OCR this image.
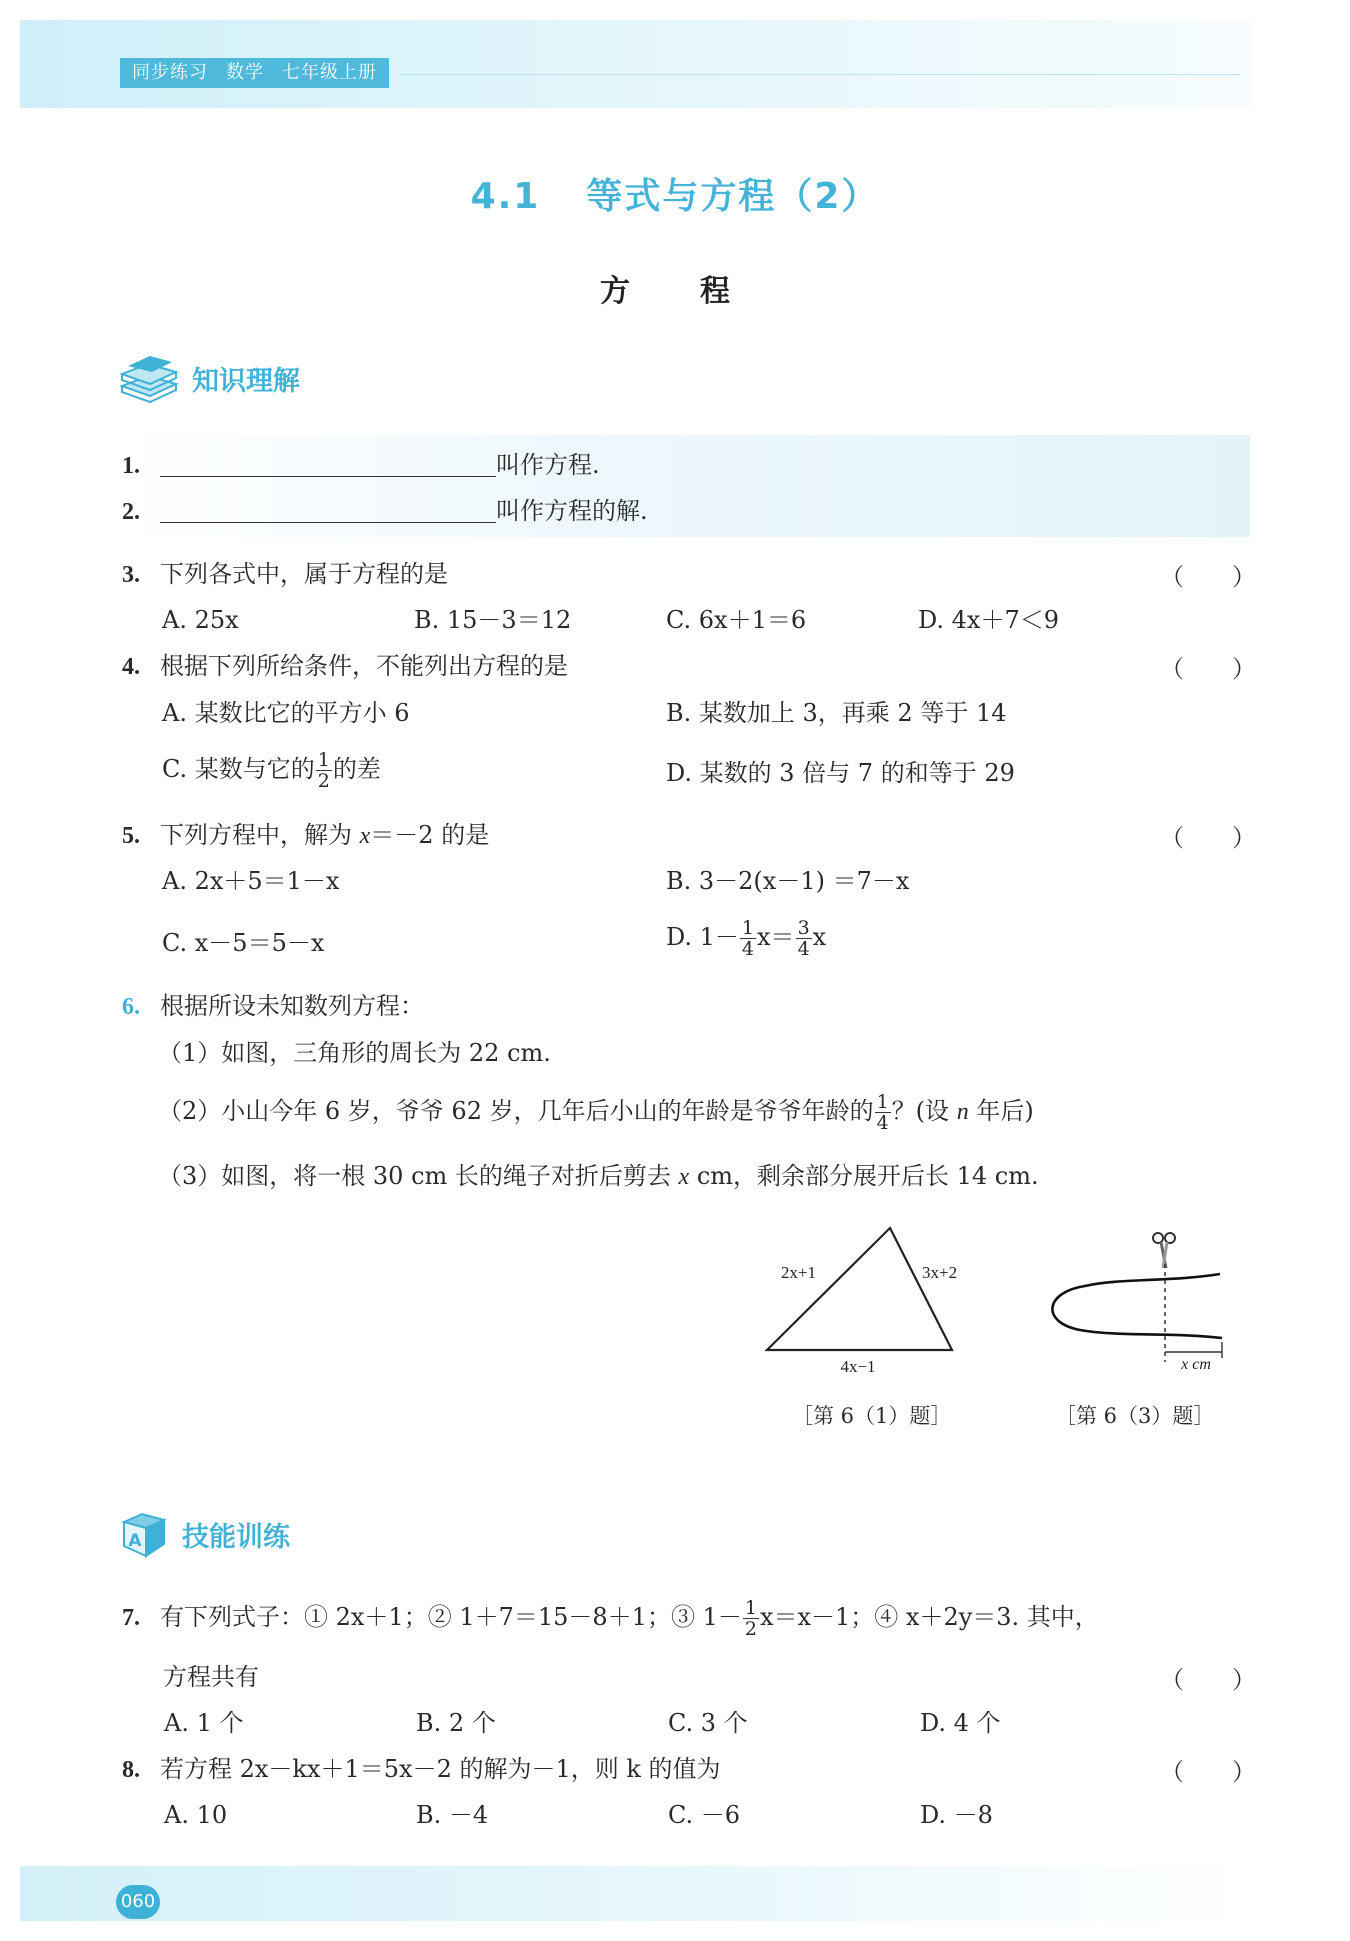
同步练习 数学 七年级上册
4.1 等式与方程（2）
方　程
知识理解
1.	叫作方程.
2.	叫作方程的解.
3. 下列各式中，属于方程的是	（　　）
A. 25x	B. 15－3＝12	C. 6x＋1＝6	D. 4x＋7＜9
4. 根据下列所给条件，不能列出方程的是	（　　）
A. 某数比它的平方小 6	B. 某数加上 3，再乘 2 等于 14
C. 某数与它的 $\frac{1}{2}$ 的差	D. 某数的 3 倍与 7 的和等于 29
5. 下列方程中，解为 x＝－2 的是	（　　）
A. 2x＋5＝1－x	B. 3－2(x－1) ＝7－x
C. x－5＝5－x	D. $1- \frac{1}{4} x= \frac{3}{4}$ x
6. 根据所设未知数列方程：
（1）如图，三角形的周长为 22 cm.
（2）小山今年 6 岁，爷爷 62 岁，几年后小山的年龄是爷爷年龄的 $\frac{1}{4}$ ？(设 n 年后)
（3）如图，将一根 30 cm 长的绳子对折后剪去 x cm，剩余部分展开后长 14 cm.
2x+1	3x+2
4x−1
［第 6（1）题］
x cm
［第 6（3）题］
A 技能训练
7. 有下列式子：① 2x＋1；② 1＋7＝15－8＋1；③ $1- \frac{1}{2} x=x-1$；④ x＋2y＝3. 其中，
方程共有	（　　）
A. 1 个	B. 2 个	C. 3 个	D. 4 个
8. 若方程 2x－kx＋1＝5x－2 的解为－1，则 k 的值为	（　　）
A. 10	B. －4	C. －6	D. －8
060
